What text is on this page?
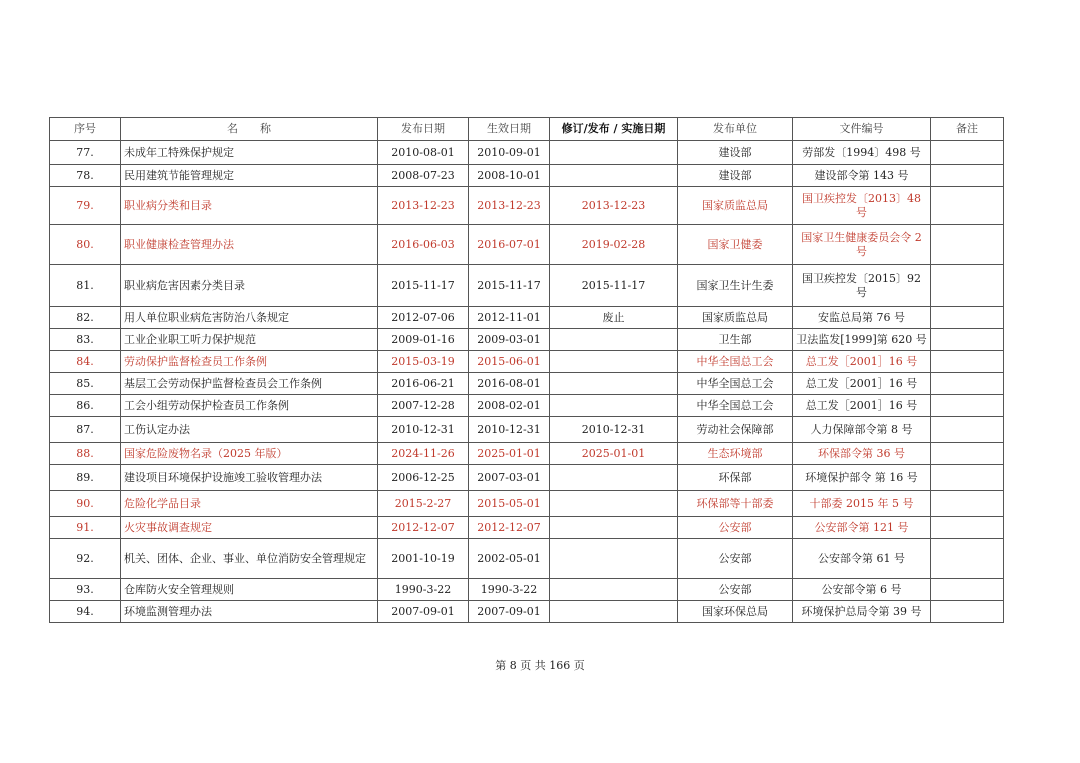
序号	名　　称	发布日期	生效日期	修订/发布 / 实施日期	发布单位	文件编号	备注
77.	未成年工特殊保护规定	2010-08-01	2010-09-01		建设部	劳部发〔1994〕498 号	
78.	民用建筑节能管理规定	2008-07-23	2008-10-01		建设部	建设部令第 143 号	
79.	职业病分类和目录	2013-12-23	2013-12-23	2013-12-23	国家质监总局	国卫疾控发〔2013〕48 号	
80.	职业健康检查管理办法	2016-06-03	2016-07-01	2019-02-28	国家卫健委	国家卫生健康委员会令 2 号	
81.	职业病危害因素分类目录	2015-11-17	2015-11-17	2015-11-17	国家卫生计生委	国卫疾控发〔2015〕92 号	
82.	用人单位职业病危害防治八条规定	2012-07-06	2012-11-01	废止	国家质监总局	安监总局第 76 号	
83.	工业企业职工听力保护规范	2009-01-16	2009-03-01		卫生部	卫法监发[1999]第 620 号	
84.	劳动保护监督检查员工作条例	2015-03-19	2015-06-01		中华全国总工会	总工发［2001］16 号	
85.	基层工会劳动保护监督检查员会工作条例	2016-06-21	2016-08-01		中华全国总工会	总工发［2001］16 号	
86.	工会小组劳动保护检查员工作条例	2007-12-28	2008-02-01		中华全国总工会	总工发［2001］16 号	
87.	工伤认定办法	2010-12-31	2010-12-31	2010-12-31	劳动社会保障部	人力保障部令第 8 号	
88.	国家危险废物名录（2025 年版）	2024-11-26	2025-01-01	2025-01-01	生态环境部	环保部令第 36 号	
89.	建设项目环境保护设施竣工验收管理办法	2006-12-25	2007-03-01		环保部	环境保护部令 第 16 号	
90.	危险化学品目录	2015-2-27	2015-05-01		环保部等十部委	十部委 2015 年 5 号	
91.	火灾事故调查规定	2012-12-07	2012-12-07		公安部	公安部令第 121 号	
92.	机关、团体、企业、事业、单位消防安全管理规定	2001-10-19	2002-05-01		公安部	公安部令第 61 号	
93.	仓库防火安全管理规则	1990-3-22	1990-3-22		公安部	公安部令第 6 号	
94.	环境监测管理办法	2007-09-01	2007-09-01		国家环保总局	环境保护总局令第 39 号	
第 8 页 共 166 页
